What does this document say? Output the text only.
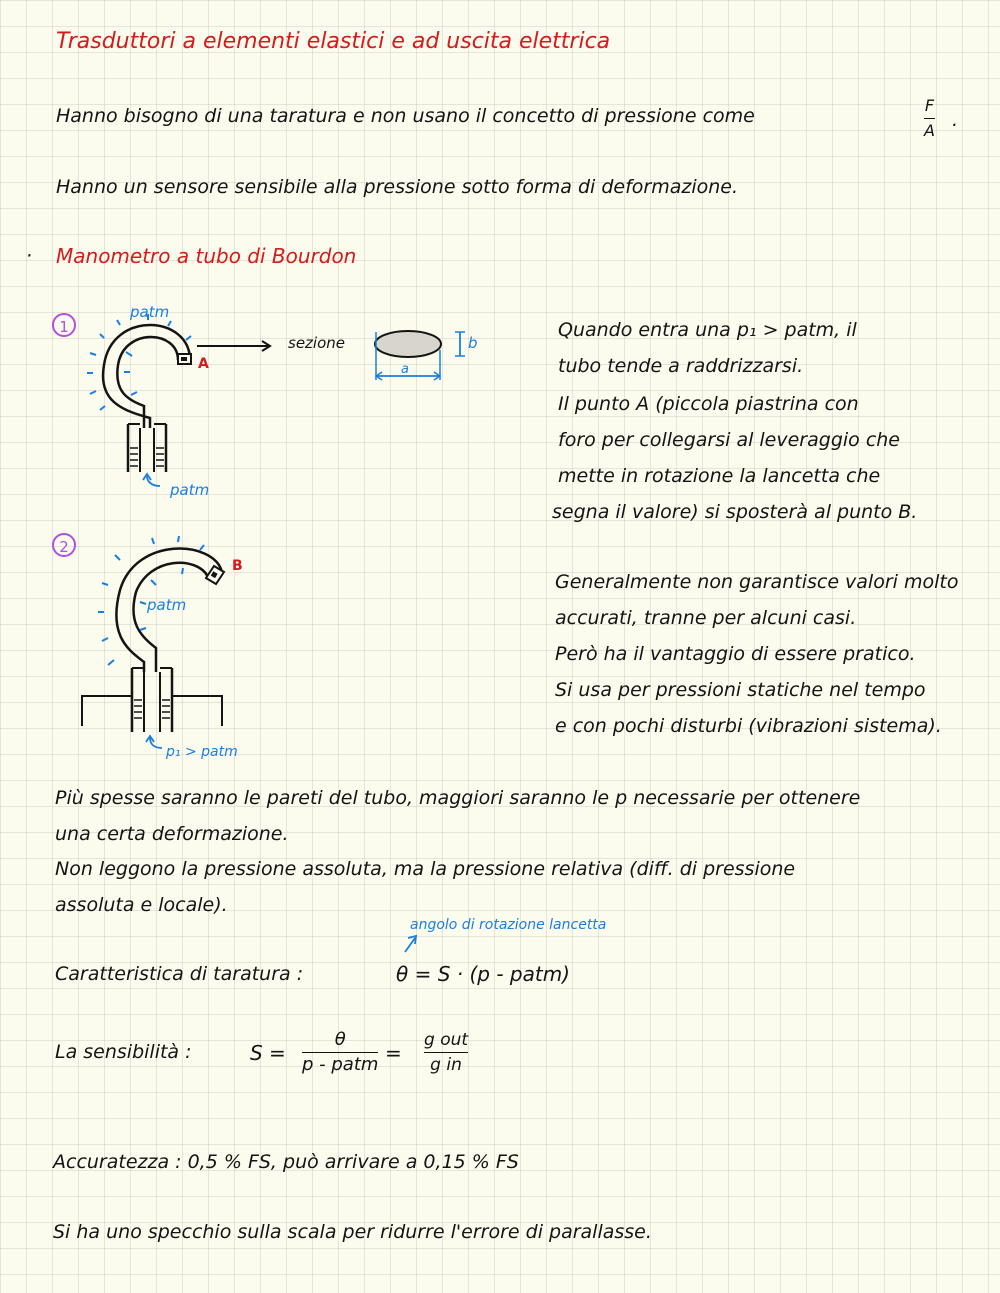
Trasduttori a elementi elastici e ad uscita elettrica
Hanno bisogno di una taratura e non usano il concetto di pressione come	F
A .
Hanno un sensore sensibile alla pressione sotto forma di deformazione.
· Manometro a tubo di Bourdon
1
patm
A
sezione
a
b
patm
2
B
patm
p₁ > patm
Quando entra una p₁ > patm, il
tubo tende a raddrizzarsi.
Il punto A (piccola piastrina con
foro per collegarsi al leveraggio che
mette in rotazione la lancetta che
segna il valore) si sposterà al punto B.
Generalmente non garantisce valori molto
accurati, tranne per alcuni casi.
Però ha il vantaggio di essere pratico.
Si usa per pressioni statiche nel tempo
e con pochi disturbi (vibrazioni sistema).
Più spesse saranno le pareti del tubo, maggiori saranno le p necessarie per ottenere
una certa deformazione.
Non leggono la pressione assoluta, ma la pressione relativa (diff. di pressione
assoluta e locale).
angolo di rotazione lancetta
Caratteristica di taratura :	θ = S · (p - patm)
La sensibilità :	S =
θ
p - patm =
g out
g in
Accuratezza : 0,5 % FS, può arrivare a 0,15 % FS
Si ha uno specchio sulla scala per ridurre l'errore di parallasse.
